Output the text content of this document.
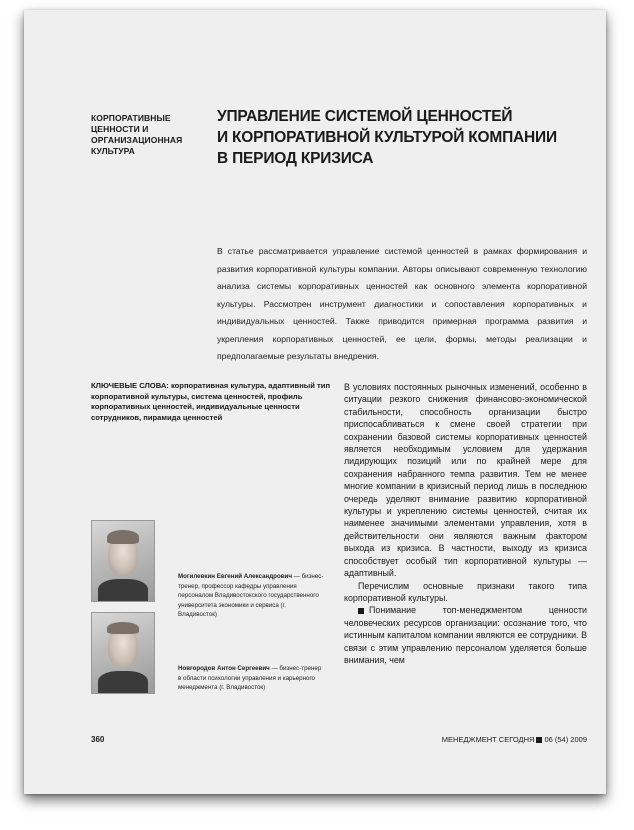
КОРПОРАТИВНЫЕ
ЦЕННОСТИ И
ОРГАНИЗАЦИОННАЯ
КУЛЬТУРА
УПРАВЛЕНИЕ СИСТЕМОЙ ЦЕННОСТЕЙ
И КОРПОРАТИВНОЙ КУЛЬТУРОЙ КОМПАНИИ
В ПЕРИОД КРИЗИСА
В статье рассматривается управление системой ценностей в рамках формирования и развития корпоративной культуры компании. Авторы описывают современную технологию анализа системы корпоративных ценностей как основного элемента корпоративной культуры. Рассмотрен инструмент диагностики и сопоставления корпоративных и индивидуальных ценностей. Также приводится примерная программа развития и укрепления корпоративных ценностей, ее цели, формы, методы реализации и предполагаемые результаты внедрения.
КЛЮЧЕВЫЕ СЛОВА: корпоративная культура, адаптивный тип корпоративной культуры, система ценностей, профиль корпоративных ценностей, индивидуальные ценности сотрудников, пирамида ценностей
Могилевкин Евгений Александрович — бизнес-тренер, профессор кафедры управления персоналом Владивостокского государственного университета экономики и сервиса (г. Владивосток)
Новгородов Антон Сергеевич — бизнес-тренер в области психологии управления и карьерного менеджмента (г. Владивосток)

В условиях постоянных рыночных изменений, особенно в ситуации резкого снижения финансово-экономической стабильности, способность организации быстро приспосабливаться к смене своей стратегии при сохранении базовой системы корпоративных ценностей является необходимым условием для удержания лидирующих позиций или по крайней мере для сохранения набранного темпа развития. Тем не менее многие компании в кризисный период лишь в последнюю очередь уделяют внимание развитию корпоративной культуры и укреплению системы ценностей, считая их наименее значимыми элементами управления, хотя в действительности они являются важным фактором выхода из кризиса. В частности, выходу из кризиса способствует особый тип корпоративной культуры — адаптивный.

Перечислим основные признаки такого типа корпоративной культуры.

Понимание топ-менеджментом ценности человеческих ресурсов организации: осознание того, что истинным капиталом компании являются ее сотрудники. В связи с этим управлению персоналом уделяется больше внимания, чем

360	МЕНЕДЖМЕНТ СЕГОДНЯ 06 (54) 2009
